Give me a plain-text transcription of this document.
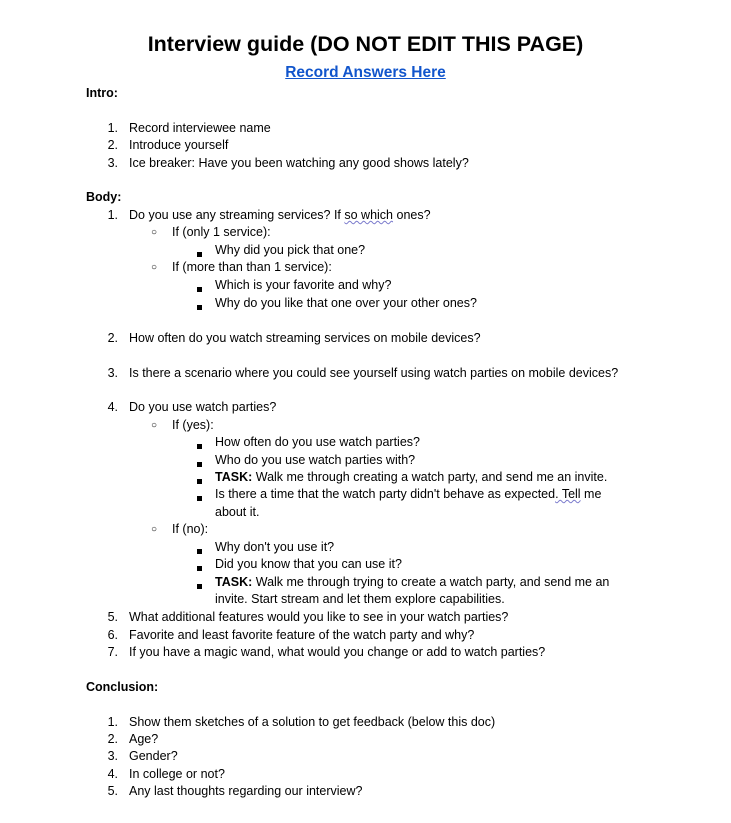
Interview guide (DO NOT EDIT THIS PAGE)
Record Answers Here
Intro:
1. Record interviewee name
2. Introduce yourself
3. Ice breaker: Have you been watching any good shows lately?
Body:
1. Do you use any streaming services? If so which ones?
○ If (only 1 service):
Why did you pick that one?
○ If (more than than 1 service):
Which is your favorite and why?
Why do you like that one over your other ones?
2. How often do you watch streaming services on mobile devices?
3. Is there a scenario where you could see yourself using watch parties on mobile devices?
4. Do you use watch parties?
○ If (yes):
How often do you use watch parties?
Who do you use watch parties with?
TASK: Walk me through creating a watch party, and send me an invite.
Is there a time that the watch party didn't behave as expected. Tell me
about it.
○ If (no):
Why don't you use it?
Did you know that you can use it?
TASK: Walk me through trying to create a watch party, and send me an
invite. Start stream and let them explore capabilities.
5. What additional features would you like to see in your watch parties?
6. Favorite and least favorite feature of the watch party and why?
7. If you have a magic wand, what would you change or add to watch parties?
Conclusion:
1. Show them sketches of a solution to get feedback (below this doc)
2. Age?
3. Gender?
4. In college or not?
5. Any last thoughts regarding our interview?
